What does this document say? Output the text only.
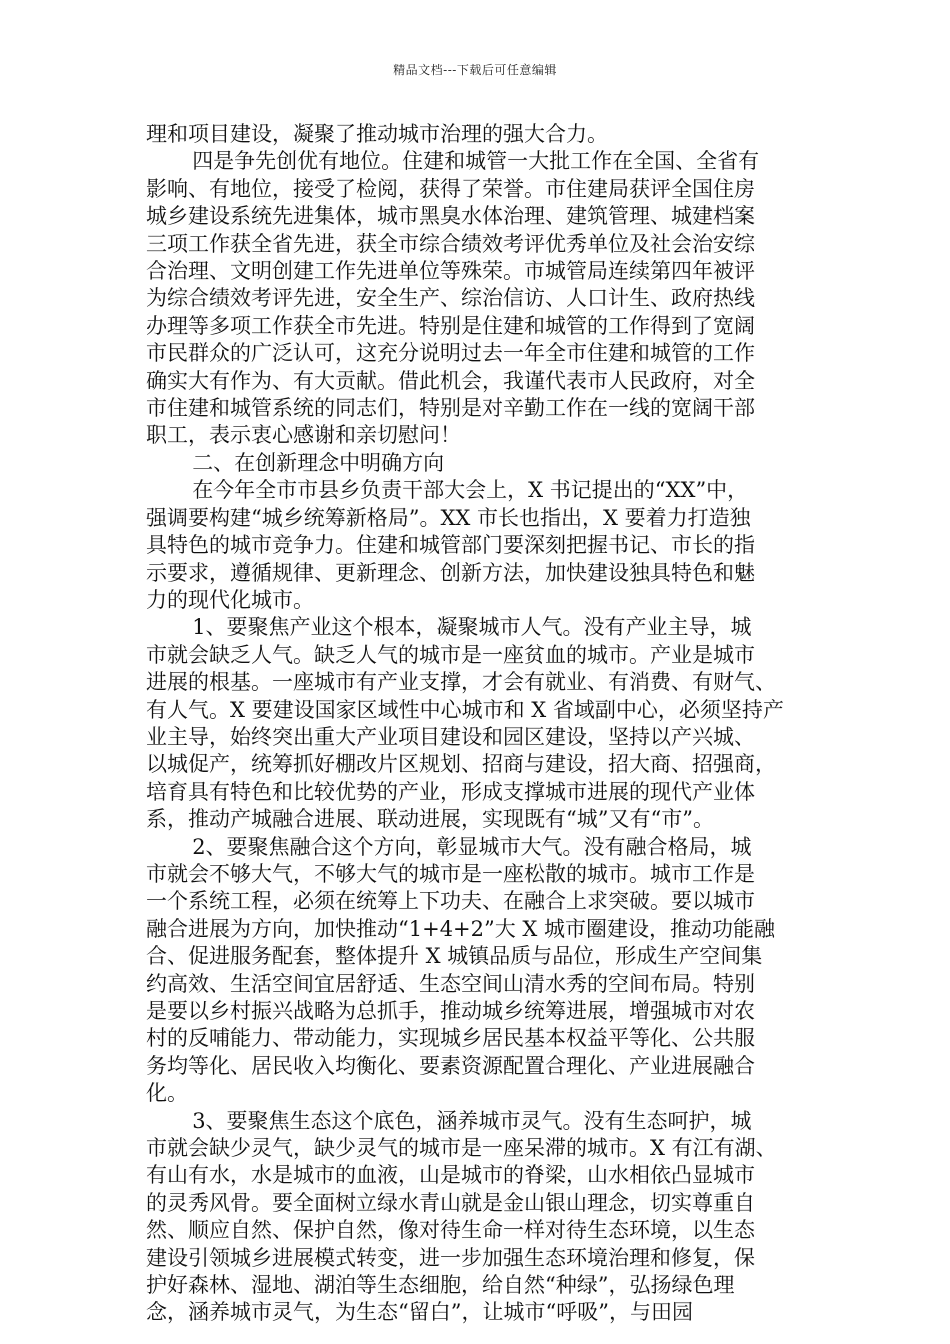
精品文档---下载后可任意编辑

理和项目建设，凝聚了推动城市治理的强大合力。

四是争先创优有地位。住建和城管一大批工作在全国、全省有
影响、有地位，接受了检阅，获得了荣誉。市住建局获评全国住房
城乡建设系统先进集体，城市黑臭水体治理、建筑管理、城建档案
三项工作获全省先进，获全市综合绩效考评优秀单位及社会治安综
合治理、文明创建工作先进单位等殊荣。市城管局连续第四年被评
为综合绩效考评先进，安全生产、综治信访、人口计生、政府热线
办理等多项工作获全市先进。特别是住建和城管的工作得到了宽阔
市民群众的广泛认可，这充分说明过去一年全市住建和城管的工作
确实大有作为、有大贡献。借此机会，我谨代表市人民政府，对全
市住建和城管系统的同志们，特别是对辛勤工作在一线的宽阔干部
职工，表示衷心感谢和亲切慰问！

二、在创新理念中明确方向

在今年全市市县乡负责干部大会上，X 书记提出的“XX”中，
强调要构建“城乡统筹新格局”。XX 市长也指出，X 要着力打造独
具特色的城市竞争力。住建和城管部门要深刻把握书记、市长的指
示要求，遵循规律、更新理念、创新方法，加快建设独具特色和魅
力的现代化城市。

1、要聚焦产业这个根本，凝聚城市人气。没有产业主导，城
市就会缺乏人气。缺乏人气的城市是一座贫血的城市。产业是城市
进展的根基。一座城市有产业支撑，才会有就业、有消费、有财气、
有人气。X 要建设国家区域性中心城市和 X 省域副中心，必须坚持产
业主导，始终突出重大产业项目建设和园区建设，坚持以产兴城、
以城促产，统筹抓好棚改片区规划、招商与建设，招大商、招强商，
培育具有特色和比较优势的产业，形成支撑城市进展的现代产业体
系，推动产城融合进展、联动进展，实现既有“城”又有“市”。

2、要聚焦融合这个方向，彰显城市大气。没有融合格局，城
市就会不够大气，不够大气的城市是一座松散的城市。城市工作是
一个系统工程，必须在统筹上下功夫、在融合上求突破。要以城市
融合进展为方向，加快推动“1+4+2”大 X 城市圈建设，推动功能融
合、促进服务配套，整体提升 X 城镇品质与品位，形成生产空间集
约高效、生活空间宜居舒适、生态空间山清水秀的空间布局。特别
是要以乡村振兴战略为总抓手，推动城乡统筹进展，增强城市对农
村的反哺能力、带动能力，实现城乡居民基本权益平等化、公共服
务均等化、居民收入均衡化、要素资源配置合理化、产业进展融合
化。

3、要聚焦生态这个底色，涵养城市灵气。没有生态呵护，城
市就会缺少灵气，缺少灵气的城市是一座呆滞的城市。X 有江有湖、
有山有水，水是城市的血液，山是城市的脊梁，山水相依凸显城市
的灵秀风骨。要全面树立绿水青山就是金山银山理念，切实尊重自
然、顺应自然、保护自然，像对待生命一样对待生态环境，以生态
建设引领城乡进展模式转变，进一步加强生态环境治理和修复，保
护好森林、湿地、湖泊等生态细胞，给自然“种绿”，弘扬绿色理
念，涵养城市灵气，为生态“留白”，让城市“呼吸”，与田园
